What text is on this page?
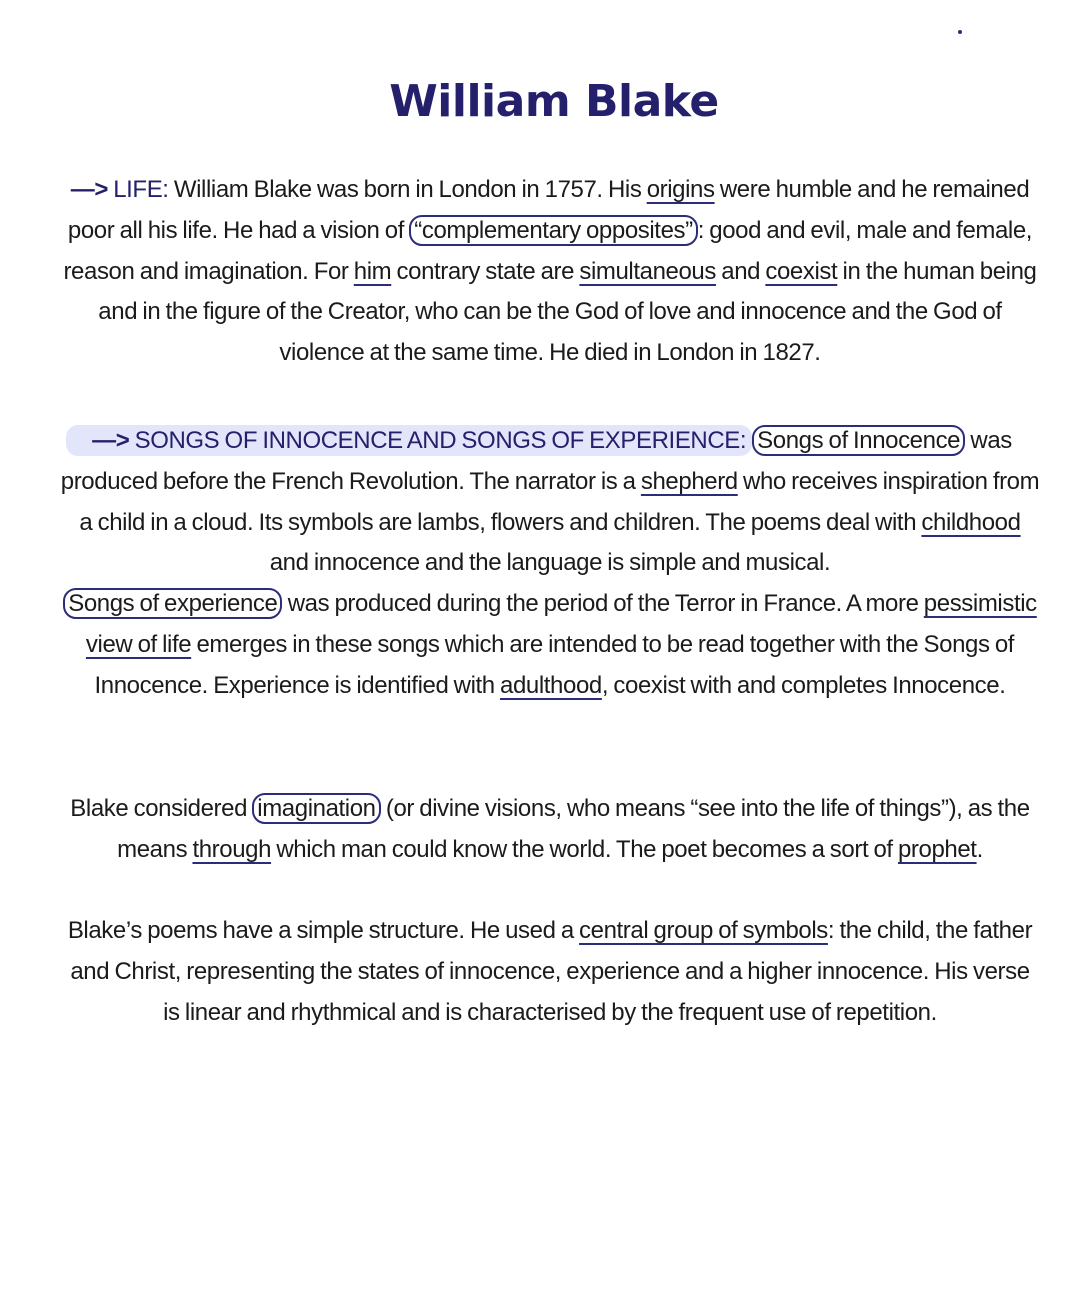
William Blake

—> LIFE: William Blake was born in London in 1757. His origins were humble and he remained poor all his life. He had a vision of “complementary opposites” : good and evil, male and female, reason and imagination. For him contrary state are simultaneous and coexist in the human being and in the figure of the Creator, who can be the God of love and innocence and the God of violence at the same time. He died in London in 1827.

—> SONGS OF INNOCENCE AND SONGS OF EXPERIENCE: Songs of Innocence was produced before the French Revolution. The narrator is a shepherd who receives inspiration from a child in a cloud. Its symbols are lambs, flowers and children. The poems deal with childhood and innocence and the language is simple and musical.
Songs of experience was produced during the period of the Terror in France. A more pessimistic view of life emerges in these songs which are intended to be read together with the Songs of Innocence. Experience is identified with adulthood, coexist with and completes Innocence.

Blake considered imagination (or divine visions, who means “see into the life of things”), as the means through which man could know the world. The poet becomes a sort of prophet.

Blake’s poems have a simple structure. He used a central group of symbols: the child, the father and Christ, representing the states of innocence, experience and a higher innocence. His verse is linear and rhythmical and is characterised by the frequent use of repetition.
